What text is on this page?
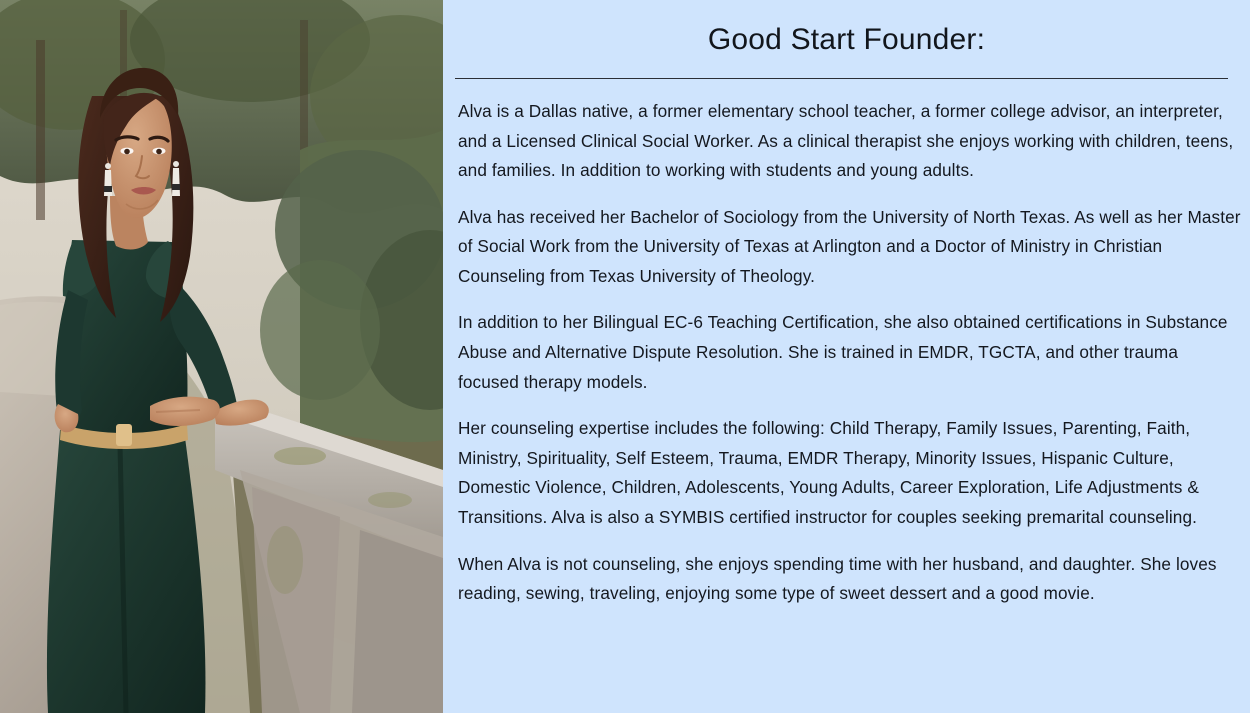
Good Start Founder:

Alva is a Dallas native, a former elementary school teacher, a former college advisor, an interpreter, and a Licensed Clinical Social Worker. As a clinical therapist she enjoys working with children, teens, and families. In addition to working with students and young adults.

Alva has received her Bachelor of Sociology from the University of North Texas. As well as her Master of Social Work from the University of Texas at Arlington and a Doctor of Ministry in Christian Counseling from Texas University of Theology.

In addition to her Bilingual EC-6 Teaching Certification, she also obtained certifications in Substance Abuse and Alternative Dispute Resolution. She is trained in EMDR, TGCTA, and other trauma focused therapy models.

Her counseling expertise includes the following: Child Therapy, Family Issues, Parenting, Faith, Ministry, Spirituality, Self Esteem, Trauma, EMDR Therapy, Minority Issues, Hispanic Culture, Domestic Violence, Children, Adolescents, Young Adults, Career Exploration, Life Adjustments & Transitions. Alva is also a SYMBIS certified instructor for couples seeking premarital counseling.

When Alva is not counseling, she enjoys spending time with her husband, and daughter. She loves reading, sewing, traveling, enjoying some type of sweet dessert and a good movie.
